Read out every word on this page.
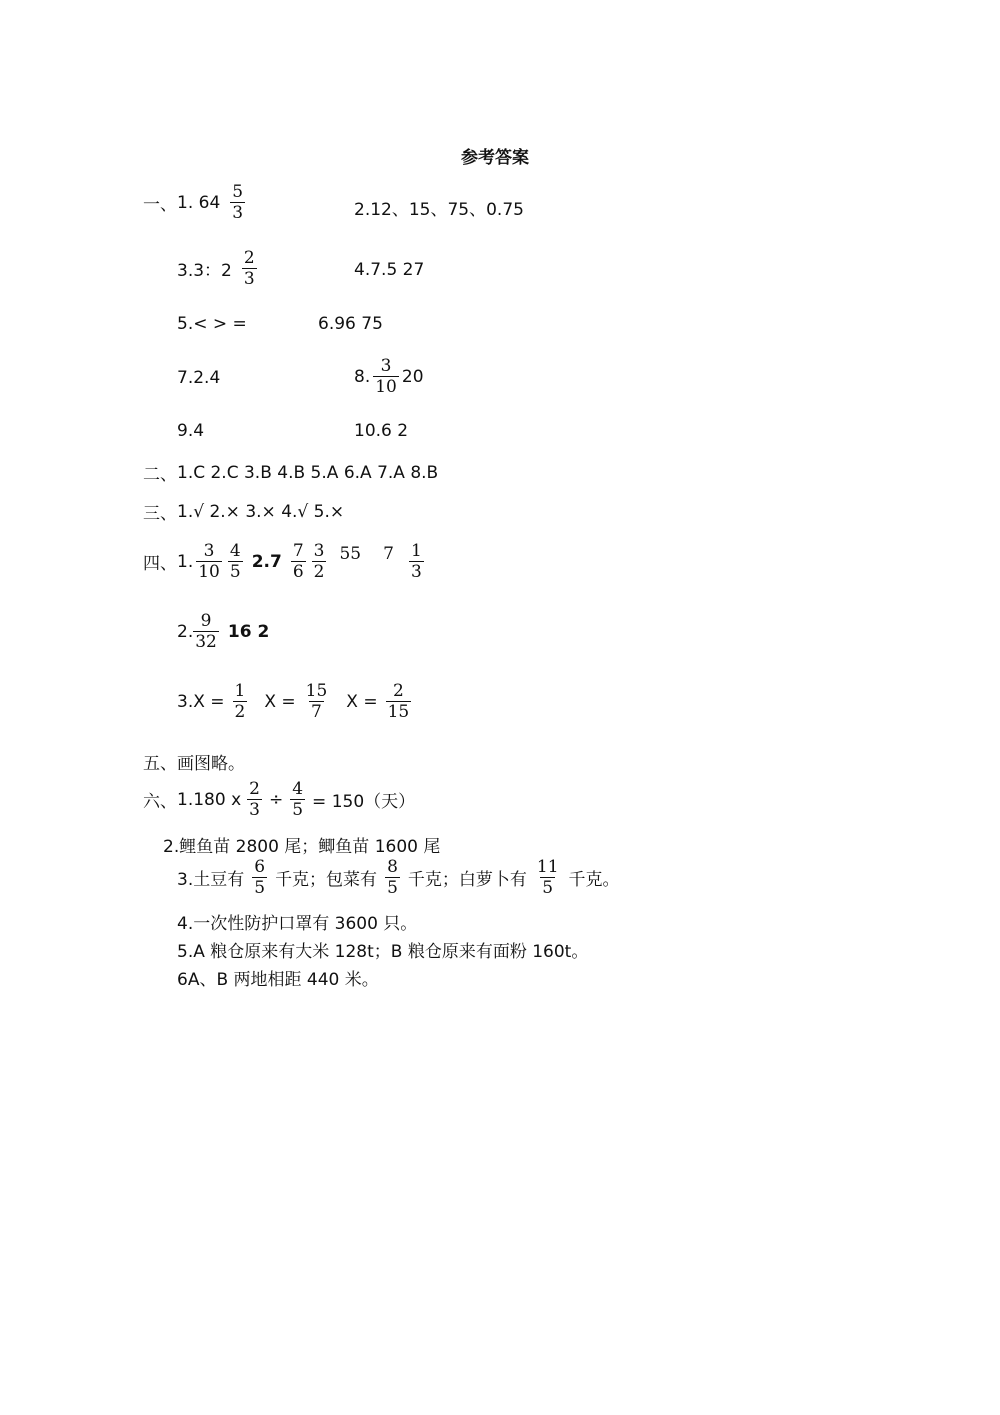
参考答案
一、 1. $64 \frac{5}{3}$	2.12、15、75、0.75
3.3：$2 \frac{2}{3}$	4.7.5 27
5.< > =	6.96 75
7.2.4	8. $\frac{3}{10} 20$
9.4	10.6 2
二、 1.C 2.C 3.B 4.B 5.A 6.A 7.A 8.B
三、 1.√ 2.× 3.× 4.√ 5.×
四、 1. $\frac{3}{10} \frac{4}{5} 2.7 \frac{7}{6} \frac{3}{2} 55$ $7 \frac{1}{3}$
2. $\frac{9}{32} 16$ 2
$3.X = \frac{1}{2}$ $X = \frac{15}{7}$ $X = \frac{2}{15}$
五、 画图略。
六、 1.180 x $\frac{2}{3} \div \frac{4}{5} = 150$（天）
2.鲤鱼苗 2800 尾；鲫鱼苗 1600 尾
3.土豆有 $\frac{6}{5}$ 千克；包菜有 $\frac{8}{5}$ 千克；白萝卜有 $\frac{11}{5}$ 千克。
4.一次性防护口罩有 3600 只。
5.A 粮仓原来有大米 128t；B 粮仓原来有面粉 160t。
6A、B 两地相距 440 米。
